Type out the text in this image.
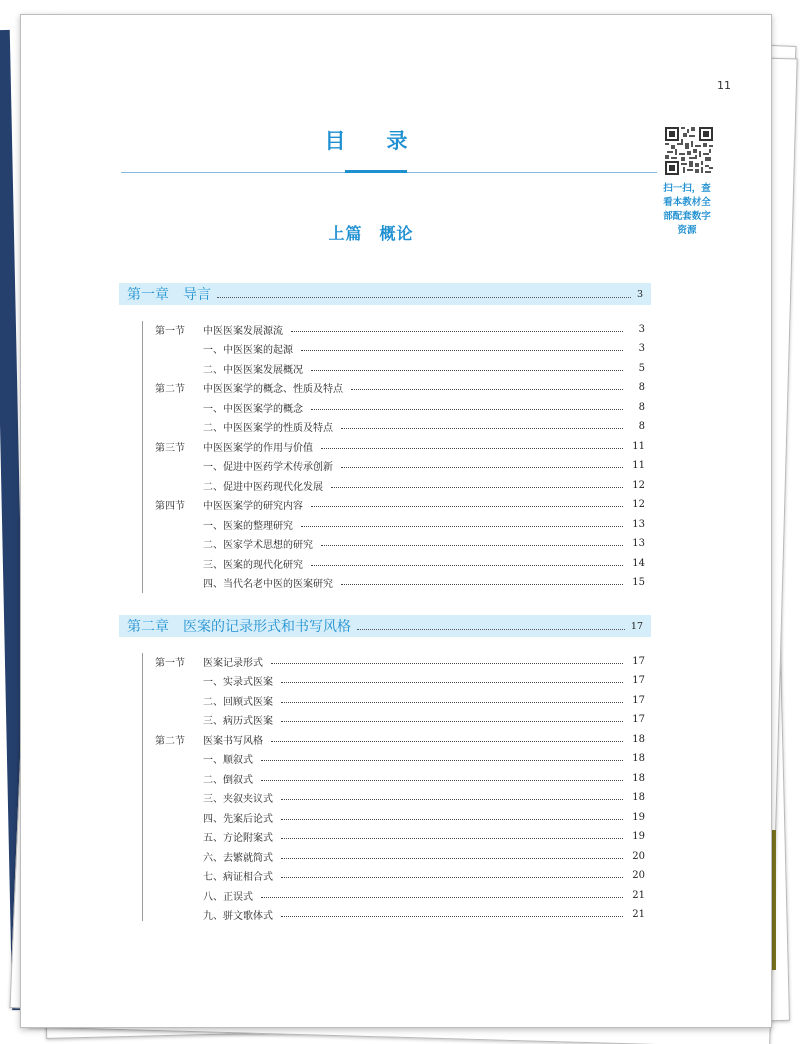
11
目　录
扫一扫，查
看本教材全
部配套数字
资源
上篇　概论
第一章　导言	3
第一节	中医医案发展源流	3
一、中医医案的起源	3
二、中医医案发展概况	5
第二节	中医医案学的概念、性质及特点	8
一、中医医案学的概念	8
二、中医医案学的性质及特点	8
第三节	中医医案学的作用与价值	11
一、促进中医药学术传承创新	11
二、促进中医药现代化发展	12
第四节	中医医案学的研究内容	12
一、医案的整理研究	13
二、医家学术思想的研究	13
三、医案的现代化研究	14
四、当代名老中医的医案研究	15
第二章　医案的记录形式和书写风格	17
第一节	医案记录形式	17
一、实录式医案	17
二、回顾式医案	17
三、病历式医案	17
第二节	医案书写风格	18
一、顺叙式	18
二、倒叙式	18
三、夹叙夹议式	18
四、先案后论式	19
五、方论附案式	19
六、去繁就简式	20
七、病证相合式	20
八、正误式	21
九、骈文歌体式	21
